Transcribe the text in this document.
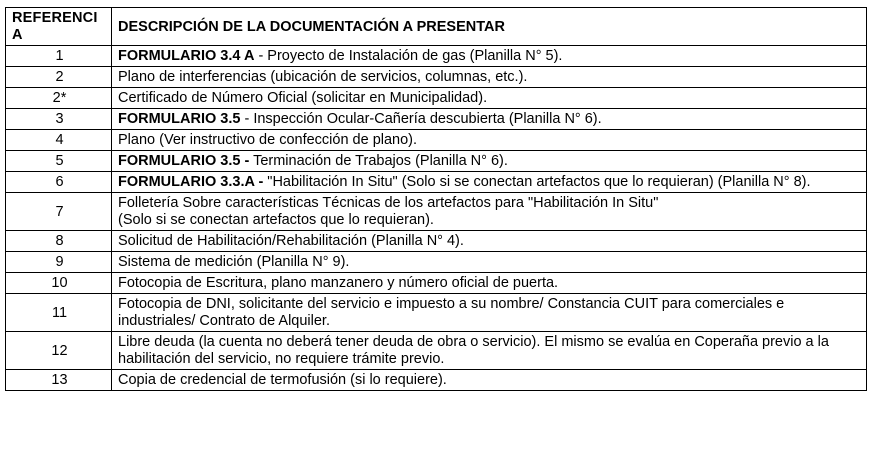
REFERENCIA	DESCRIPCIÓN DE LA DOCUMENTACIÓN A PRESENTAR
1	FORMULARIO 3.4 A - Proyecto de Instalación de gas (Planilla N° 5).
2	Plano de interferencias (ubicación de servicios, columnas, etc.).
2*	Certificado de Número Oficial (solicitar en Municipalidad).
3	FORMULARIO 3.5 - Inspección Ocular-Cañería descubierta (Planilla N° 6).
4	Plano (Ver instructivo de confección de plano).
5	FORMULARIO 3.5 - Terminación de Trabajos (Planilla N° 6).
6	FORMULARIO 3.3.A - "Habilitación In Situ" (Solo si se conectan artefactos que lo requieran) (Planilla N° 8).
7	Folletería Sobre características Técnicas de los artefactos para "Habilitación In Situ"
(Solo si se conectan artefactos que lo requieran).

8	Solicitud de Habilitación/Rehabilitación (Planilla N° 4).
9	Sistema de medición (Planilla N° 9).
10	Fotocopia de Escritura, plano manzanero y número oficial de puerta.
11	Fotocopia de DNI, solicitante del servicio e impuesto a su nombre/ Constancia CUIT para comerciales e industriales/ Contrato de Alquiler.
12	Libre deuda (la cuenta no deberá tener deuda de obra o servicio). El mismo se evalúa en Coperaña previo a la habilitación del servicio, no requiere trámite previo.
13	Copia de credencial de termofusión (si lo requiere).
